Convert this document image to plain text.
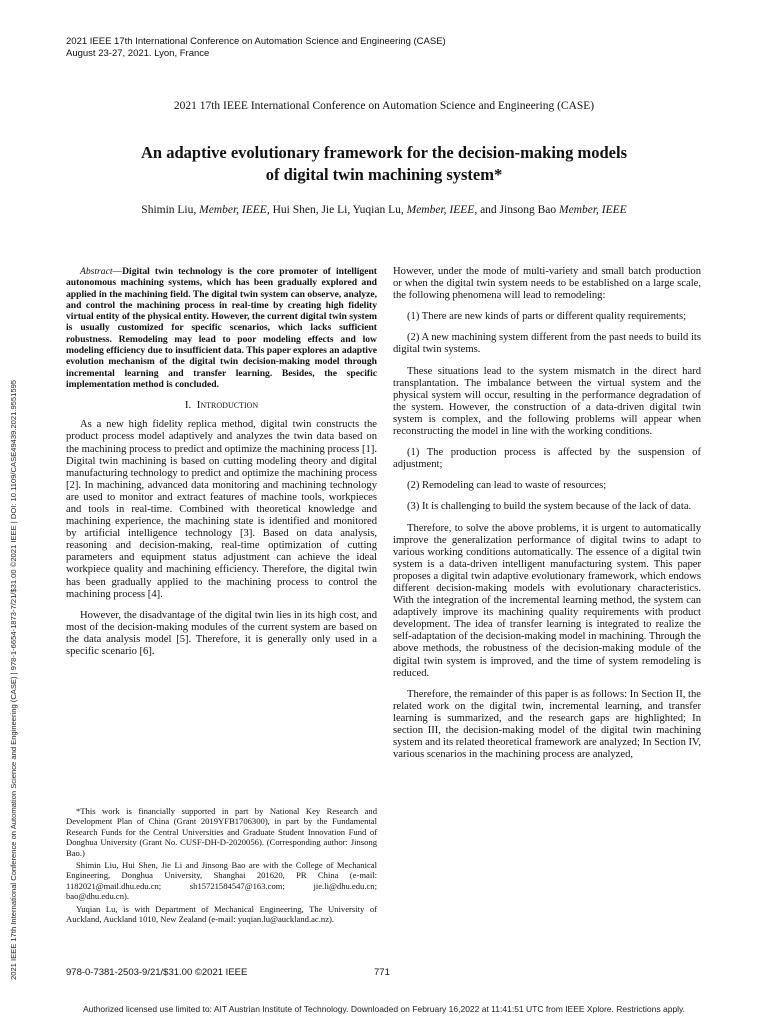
2021 IEEE 17th International Conference on Automation Science and Engineering (CASE)
August 23-27, 2021. Lyon, France
2021 17th IEEE International Conference on Automation Science and Engineering (CASE)
An adaptive evolutionary framework for the decision-making models
of digital twin machining system*
Shimin Liu, Member, IEEE, Hui Shen, Jie Li, Yuqian Lu, Member, IEEE, and Jinsong Bao Member, IEEE
2021 IEEE 17th International Conference on Automation Science and Engineering (CASE) | 978-1-6654-1873-7/21/$31.00 ©2021 IEEE | DOI: 10.1109/CASE49439.2021.9551595

Abstract—Digital twin technology is the core promoter of intelligent autonomous machining systems, which has been gradually explored and applied in the machining field. The digital twin system can observe, analyze, and control the machining process in real-time by creating high fidelity virtual entity of the physical entity. However, the current digital twin system is usually customized for specific scenarios, which lacks sufficient robustness. Remodeling may lead to poor modeling effects and low modeling efficiency due to insufficient data. This paper explores an adaptive evolution mechanism of the digital twin decision-making model through incremental learning and transfer learning. Besides, the specific implementation method is concluded.

I. Introduction

As a new high fidelity replica method, digital twin constructs the product process model adaptively and analyzes the twin data based on the machining process to predict and optimize the machining process [1]. Digital twin machining is based on cutting modeling theory and digital manufacturing technology to predict and optimize the machining process [2]. In machining, advanced data monitoring and machining technology are used to monitor and extract features of machine tools, workpieces and tools in real-time. Combined with theoretical knowledge and machining experience, the machining state is identified and monitored by artificial intelligence technology [3]. Based on data analysis, reasoning and decision-making, real-time optimization of cutting parameters and equipment status adjustment can achieve the ideal workpiece quality and machining efficiency. Therefore, the digital twin has been gradually applied to the machining process to control the machining process [4].

However, the disadvantage of the digital twin lies in its high cost, and most of the decision-making modules of the current system are based on the data analysis model [5]. Therefore, it is generally only used in a specific scenario [6].

*This work is financially supported in part by National Key Research and Development Plan of China (Grant 2019YFB1706300), in part by the Fundamental Research Funds for the Central Universities and Graduate Student Innovation Fund of Donghua University (Grant No. CUSF-DH-D-2020056). (Corresponding author: Jinsong Bao.)

Shimin Liu, Hui Shen, Jie Li and Jinsong Bao are with the College of Mechanical Engineering, Donghua University, Shanghai 201620, PR China (e-mail: 1182021@mail.dhu.edu.cn; sh15721584547@163.com; jie.li@dhu.edu.cn; bao@dhu.edu.cn).

Yuqian Lu, is with Department of Mechanical Engineering, The University of Auckland, Auckland 1010, New Zealand (e-mail: yuqian.lu@auckland.ac.nz).

However, under the mode of multi-variety and small batch production or when the digital twin system needs to be established on a large scale, the following phenomena will lead to remodeling:

(1) There are new kinds of parts or different quality requirements;

(2) A new machining system different from the past needs to build its digital twin systems.

These situations lead to the system mismatch in the direct hard transplantation. The imbalance between the virtual system and the physical system will occur, resulting in the performance degradation of the system. However, the construction of a data-driven digital twin system is complex, and the following problems will appear when reconstructing the model in line with the working conditions.

(1) The production process is affected by the suspension of adjustment;

(2) Remodeling can lead to waste of resources;

(3) It is challenging to build the system because of the lack of data.

Therefore, to solve the above problems, it is urgent to automatically improve the generalization performance of digital twins to adapt to various working conditions automatically. The essence of a digital twin system is a data-driven intelligent manufacturing system. This paper proposes a digital twin adaptive evolutionary framework, which endows different decision-making models with evolutionary characteristics. With the integration of the incremental learning method, the system can adaptively improve its machining quality requirements with product development. The idea of transfer learning is integrated to realize the self-adaptation of the decision-making model in machining. Through the above methods, the robustness of the decision-making module of the digital twin system is improved, and the time of system remodeling is reduced.

Therefore, the remainder of this paper is as follows: In Section II, the related work on the digital twin, incremental learning, and transfer learning is summarized, and the research gaps are highlighted; In section III, the decision-making model of the digital twin machining system and its related theoretical framework are analyzed; In Section IV, various scenarios in the machining process are analyzed,

978-0-7381-2503-9/21/$31.00 ©2021 IEEE	771
Authorized licensed use limited to: AIT Austrian Institute of Technology. Downloaded on February 16,2022 at 11:41:51 UTC from IEEE Xplore. Restrictions apply.
